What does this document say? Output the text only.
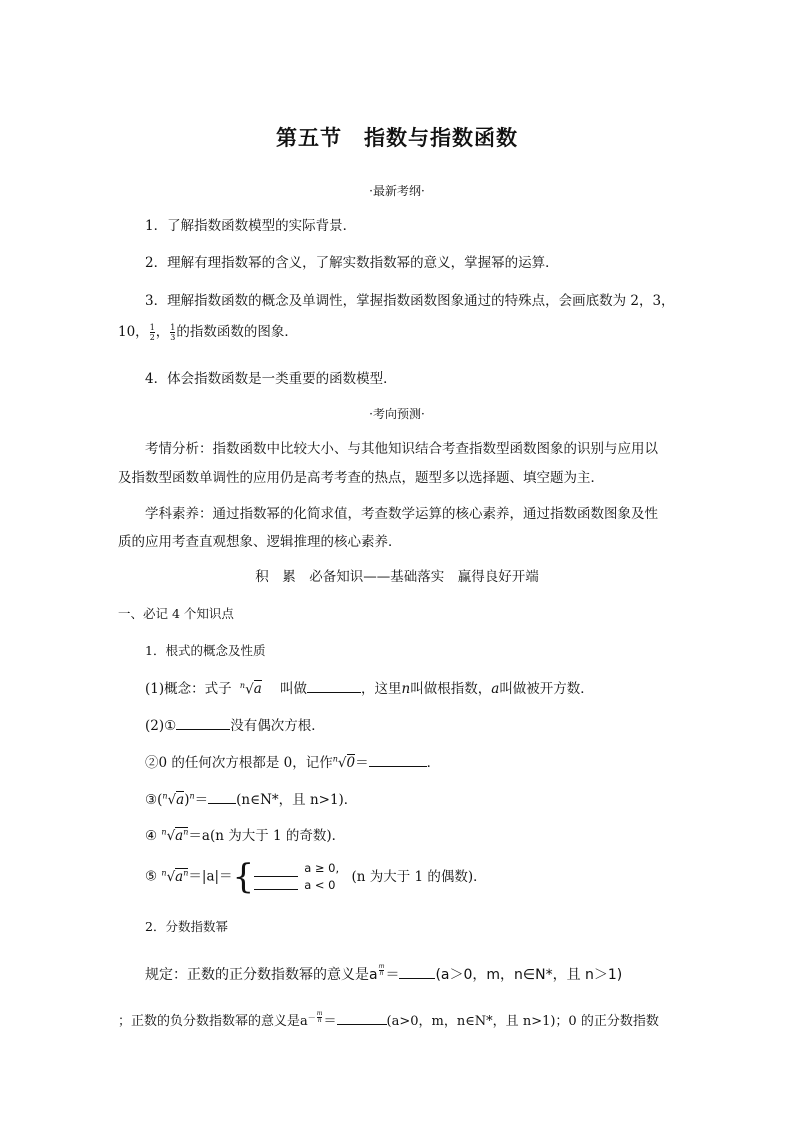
第五节　指数与指数函数
·最新考纲·
1．了解指数函数模型的实际背景．
2．理解有理指数幂的含义，了解实数指数幂的意义，掌握幂的运算．
3．理解指数函数的概念及单调性，掌握指数函数图象通过的特殊点，会画底数为 2，3，
10， $\frac{1}{2}$ ， $\frac{1}{3}$ 的指数函数的图象．
4．体会指数函数是一类重要的函数模型．
·考向预测·
考情分析：指数函数中比较大小、与其他知识结合考查指数型函数图象的识别与应用以
及指数型函数单调性的应用仍是高考考查的热点，题型多以选择题、填空题为主．
学科素养：通过指数幂的化简求值，考查数学运算的核心素养，通过指数函数图象及性
质的应用考查直观想象、逻辑推理的核心素养．
积　累　必备知识——基础落实　赢得良好开端
一、必记 4 个知识点
1．根式的概念及性质
(1)概念：式子 $^n$√a 叫做	，这里n叫做根指数，a叫做被开方数．
(2)①	没有偶次方根．
②0 的任何次方根都是 0，记作$^n$√0＝	．
$③(^n√a)^n=$ (n∈N*，且 n>1)．
④ $^n√a^n=a(n$ 为大于 1 的奇数)．
⑤ $^n√a^n=|a|=${	a ≥ 0,
a < 0
(n 为大于 1 的偶数)．
2．分数指数幂
规定：正数的正分数指数幂的意义是a $^{\frac{m}{n}}$ ＝	(a＞0，m，n∈N*，且 n＞1)
；正数的负分数指数幂的意义是$a^{- \frac{m}{n}}$ ＝	(a>0，m，n∈N*，且 n>1)；0 的正分数指数
